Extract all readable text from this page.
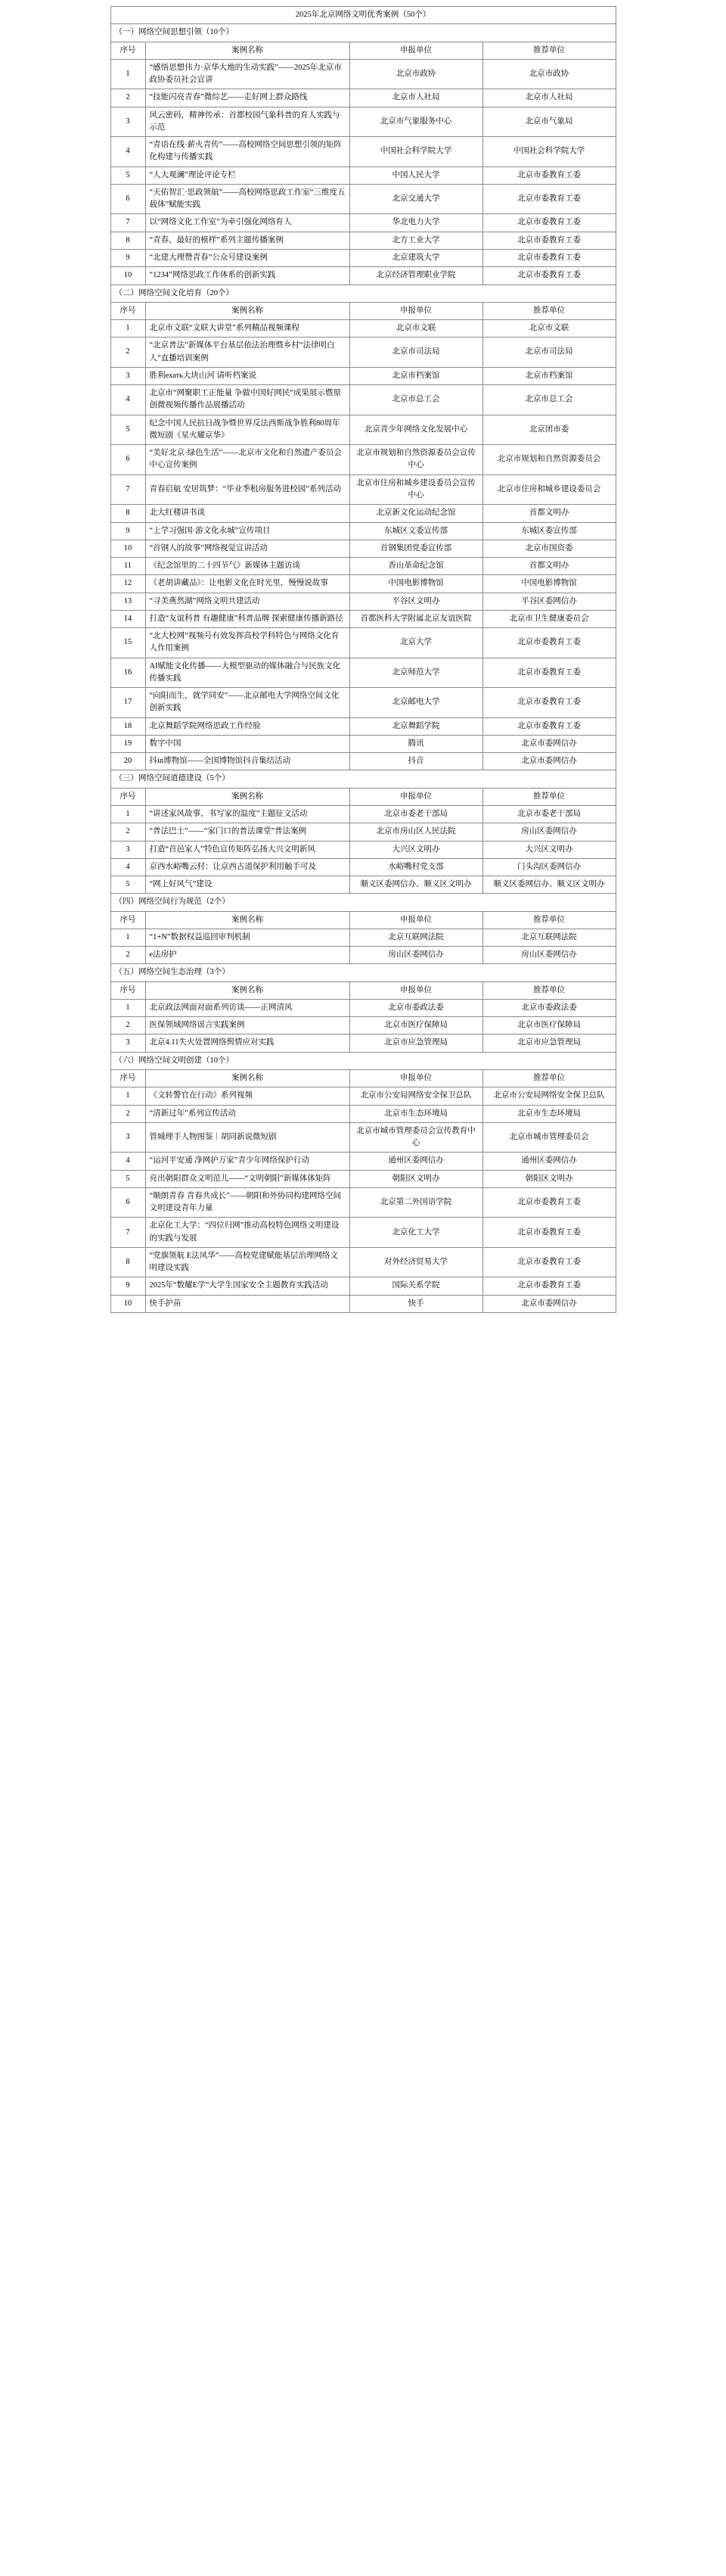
2025年北京网络文明优秀案例（50个）			
（一）网络空间思想引领（10个）			
序号	案例名称	申报单位	推荐单位
1	“感悟思想伟力·京华大地的生动实践”——2025年北京市政协委员社会宣讲	北京市政协	北京市政协
2	“技能闪亮青春”微综艺——走好网上群众路线	北京市人社局	北京市人社局
3	风云密码，精神传承：首都校园气象科普的育人实践与示范	北京市气象服务中心	北京市气象局
4	“青语在线·薪火青传”——高校网络空间思想引领的矩阵化构建与传播实践	中国社会科学院大学	中国社会科学院大学
5	“人大观澜”理论评论专栏	中国人民大学	北京市委教育工委
6	“天佑智汇·思政领航”——高校网络思政工作室“三维度五载体”赋能实践	北京交通大学	北京市委教育工委
7	以“网络文化工作室”为牵引强化网络育人	华北电力大学	北京市委教育工委
8	“青春，最好的模样”系列主题传播案例	北方工业大学	北京市委教育工委
9	“北建大理赞青春”公众号建设案例	北京建筑大学	北京市委教育工委
10	“1234”网络思政工作体系的创新实践	北京经济管理职业学院	北京市委教育工委
（二）网络空间文化培育（20个）			
序号	案例名称	申报单位	推荐单位
1	北京市文联“文联大讲堂”系列精品视频课程	北京市文联	北京市文联
2	“北京普法”新媒体平台基层依法治理暨乡村“法律明白人”直播培训案例	北京市司法局	北京市司法局
3	胜利ехать大块山河 请听档案说	北京市档案馆	北京市档案馆
4	北京市“网聚职工正能量 争做中国好网民”成果展示暨原创微视频传播作品展播活动	北京市总工会	北京市总工会
5	纪念中国人民抗日战争暨世界反法西斯战争胜利80周年微短剧《星火耀京华》	北京青少年网络文化发展中心	北京团市委
6	“美好北京·绿色生活”——北京市文化和自然遗产委员会中心宣传案例	北京市规划和自然资源委员会宣传中心	北京市规划和自然资源委员会
7	青春启航 安居筑梦：“毕业季租房服务进校园”系列活动	北京市住房和城乡建设委员会宣传中心	北京市住房和城乡建设委员会
8	北大红楼讲书谈	北京新文化运动纪念馆	首都文明办
9	“上学习强国·游文化永城”宣传项目	东城区文委宣传部	东城区委宣传部
10	“首钢人的故事”网络视觉宣讲活动	首钢集团党委宣传部	北京市国资委
11	《纪念馆里的二十四节气》新媒体主题访谈	香山革命纪念馆	首都文明办
12	《老胡讲藏品》：让电影文化在时光里，慢慢说故事	中国电影博物馆	中国电影博物馆
13	“寻美燕然湖”网络文明共建活动	平谷区文明办	平谷区委网信办
14	打造“友谊科普 有趣健康”科普品牌 探索健康传播新路径	首都医科大学附属北京友谊医院	北京市卫生健康委员会
15	“北大校网”视频号有效发挥高校学科特色与网络文化育人作用案例	北京大学	北京市委教育工委
16	AI赋能文化传播——大模型驱动的媒体融合与民族文化传播实践	北京师范大学	北京市委教育工委
17	“向阳而生，就学同安”——北京邮电大学网络空间文化创新实践	北京邮电大学	北京市委教育工委
18	北京舞蹈学院网络思政工作经验	北京舞蹈学院	北京市委教育工委
19	数字中国	腾讯	北京市委网信办
20	抖in博物馆——全国博物馆抖音集结活动	抖音	北京市委网信办
（三）网络空间道德建设（5个）			
序号	案例名称	申报单位	推荐单位
1	“讲述家风故事、书写家的温度”主题征文活动	北京市委老干部局	北京市委老干部局
2	“普法巴士”——“家门口的普法课堂”普法案例	北京市房山区人民法院	房山区委网信办
3	打造“首邑家人”特色宣传矩阵弘扬大兴文明新风	大兴区文明办	大兴区文明办
4	京西水峪嘴云村：让京西古道保护利用触手可及	水峪嘴村党支部	门头沟区委网信办
5	“网上好风气”建设	顺义区委网信办、顺义区文明办	顺义区委网信办、顺义区文明办
（四）网络空间行为规范（2个）			
序号	案例名称	申报单位	推荐单位
1	“1+N”数据权益巡回审判机制	北京互联网法院	北京互联网法院
2	e法房护	房山区委网信办	房山区委网信办
（五）网络空间生态治理（3个）			
序号	案例名称	申报单位	推荐单位
1	北京政法网面对面系列访谈——正网清风	北京市委政法委	北京市委政法委
2	医保领域网络谣言实践案例	北京市医疗保障局	北京市医疗保障局
3	北京4.11失火处置网络舆情应对实践	北京市应急管理局	北京市应急管理局
（六）网络空间文明创建（10个）			
序号	案例名称	申报单位	推荐单位
1	《文转警官在行动》系列视频	北京市公安局网络安全保卫总队	北京市公安局网络安全保卫总队
2	“清新过年”系列宣传活动	北京市生态环境局	北京市生态环境局
3	管城理手人物图鉴｜胡同新说微短剧	北京市城市管理委员会宣传教育中心	北京市城市管理委员会
4	“运河平安通 净网护万家”青少年网络保护行动	通州区委网信办	通州区委网信办
5	亮出朝阳群众文明范儿——“文明朝阳”新媒体体矩阵	朝阳区文明办	朝阳区文明办
6	“顺朗青春 青春共成长”——朝阳和外协同构建网络空间文明建设青年力量	北京第二外国语学院	北京市委教育工委
7	北京化工大学：“四位归网”推动高校特色网络文明建设的实践与发展	北京化工大学	北京市委教育工委
8	“党旗领航 E法风华”——高校党建赋能基层治理网络文明建设实践	对外经济贸易大学	北京市委教育工委
9	2025年“数耀E学”大学生国家安全主题教育实践活动	国际关系学院	北京市委教育工委
10	快手护苗	快手	北京市委网信办
